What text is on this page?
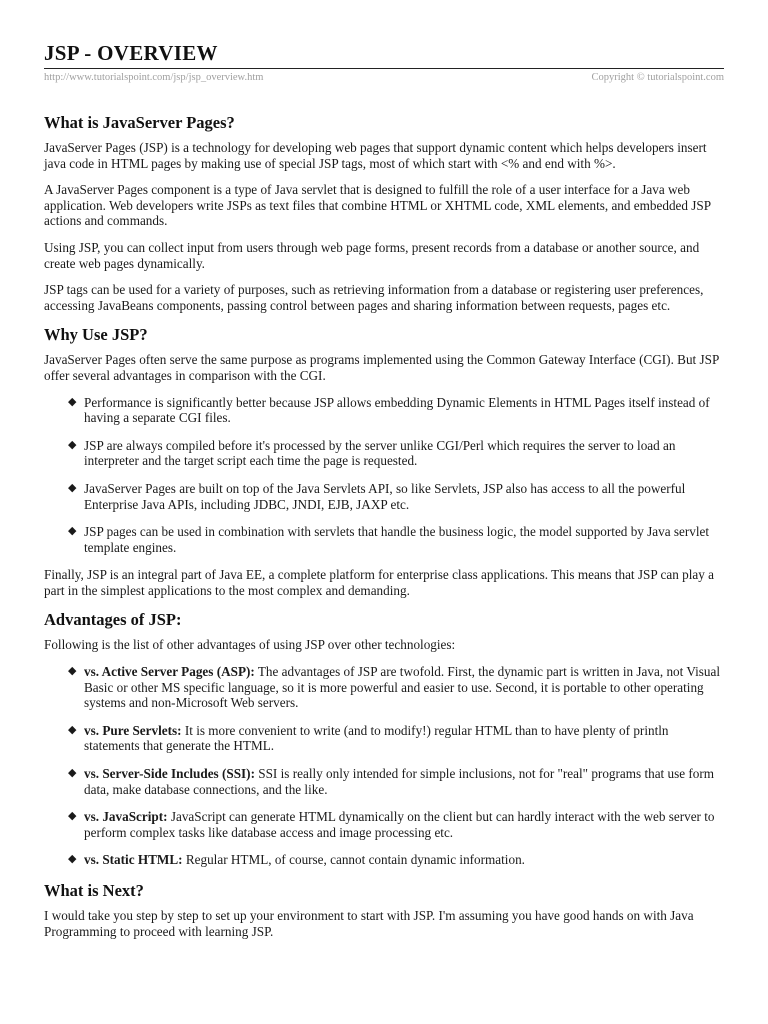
JSP - OVERVIEW
http://www.tutorialspoint.com/jsp/jsp_overview.htm	Copyright © tutorialspoint.com
What is JavaServer Pages?

JavaServer Pages (JSP) is a technology for developing web pages that support dynamic content which helps developers insert java code in HTML pages by making use of special JSP tags, most of which start with <% and end with %>.

A JavaServer Pages component is a type of Java servlet that is designed to fulfill the role of a user interface for a Java web application. Web developers write JSPs as text files that combine HTML or XHTML code, XML elements, and embedded JSP actions and commands.

Using JSP, you can collect input from users through web page forms, present records from a database or another source, and create web pages dynamically.

JSP tags can be used for a variety of purposes, such as retrieving information from a database or registering user preferences, accessing JavaBeans components, passing control between pages and sharing information between requests, pages etc.

Why Use JSP?

JavaServer Pages often serve the same purpose as programs implemented using the Common Gateway Interface (CGI). But JSP offer several advantages in comparison with the CGI.

◆ Performance is significantly better because JSP allows embedding Dynamic Elements in HTML Pages itself instead of having a separate CGI files.
◆ JSP are always compiled before it's processed by the server unlike CGI/Perl which requires the server to load an interpreter and the target script each time the page is requested.
◆ JavaServer Pages are built on top of the Java Servlets API, so like Servlets, JSP also has access to all the powerful Enterprise Java APIs, including JDBC, JNDI, EJB, JAXP etc.
◆ JSP pages can be used in combination with servlets that handle the business logic, the model supported by Java servlet template engines.

Finally, JSP is an integral part of Java EE, a complete platform for enterprise class applications. This means that JSP can play a part in the simplest applications to the most complex and demanding.

Advantages of JSP:

Following is the list of other advantages of using JSP over other technologies:

◆ vs. Active Server Pages (ASP): The advantages of JSP are twofold. First, the dynamic part is written in Java, not Visual Basic or other MS specific language, so it is more powerful and easier to use. Second, it is portable to other operating systems and non-Microsoft Web servers.
◆ vs. Pure Servlets: It is more convenient to write (and to modify!) regular HTML than to have plenty of println statements that generate the HTML.
◆ vs. Server-Side Includes (SSI): SSI is really only intended for simple inclusions, not for "real" programs that use form data, make database connections, and the like.
◆ vs. JavaScript: JavaScript can generate HTML dynamically on the client but can hardly interact with the web server to perform complex tasks like database access and image processing etc.
◆ vs. Static HTML: Regular HTML, of course, cannot contain dynamic information.
What is Next?

I would take you step by step to set up your environment to start with JSP. I'm assuming you have good hands on with Java Programming to proceed with learning JSP.
